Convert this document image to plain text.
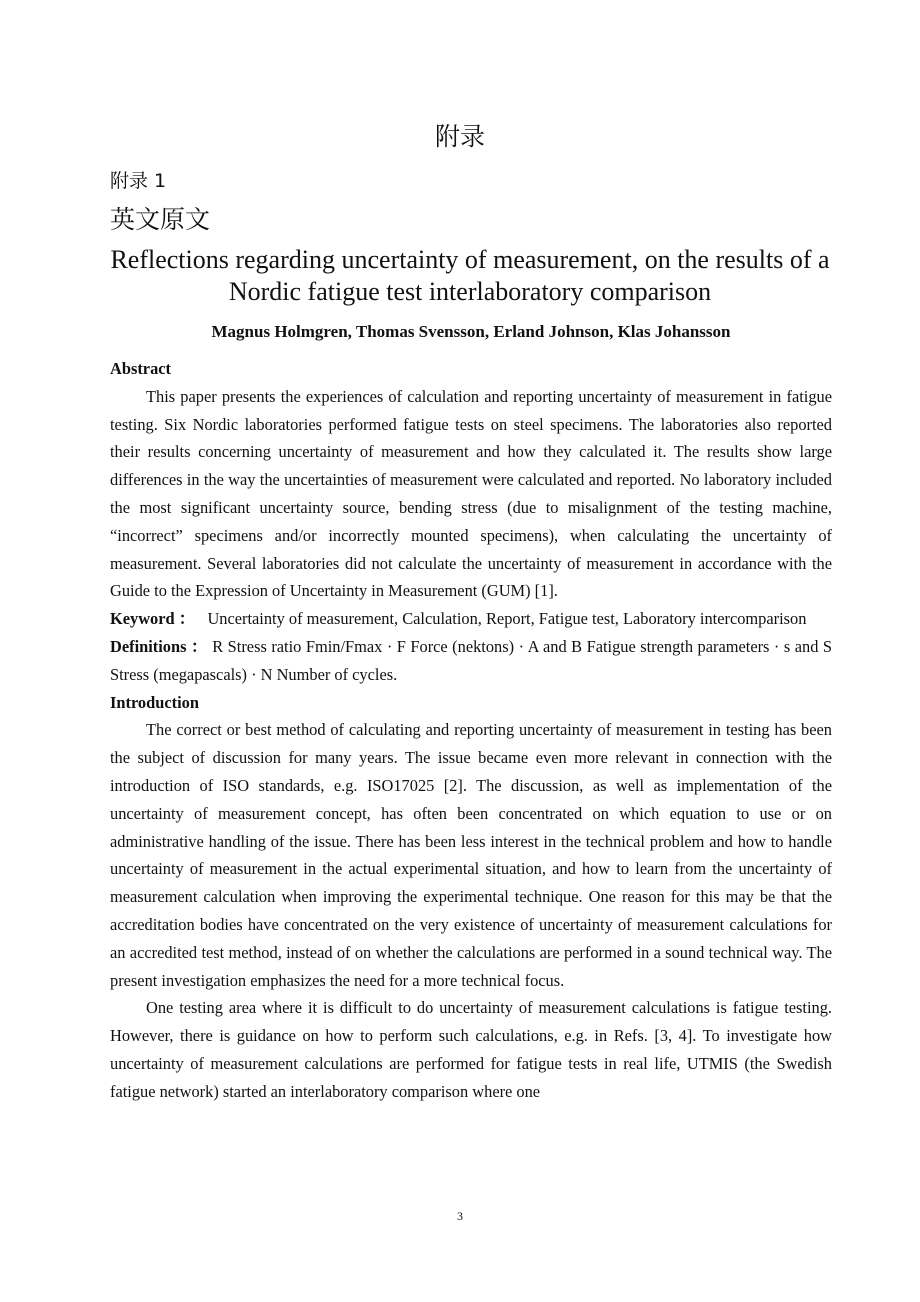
附录
附录 1
英文原文
Reflections regarding uncertainty of measurement, on the results of a Nordic fatigue test interlaboratory comparison
Magnus Holmgren, Thomas Svensson, Erland Johnson, Klas Johansson

Abstract

This paper presents the experiences of calculation and reporting uncertainty of measurement in fatigue testing. Six Nordic laboratories performed fatigue tests on steel specimens. The laboratories also reported their results concerning uncertainty of measurement and how they calculated it. The results show large differences in the way the uncertainties of measurement were calculated and reported. No laboratory included the most significant uncertainty source, bending stress (due to misalignment of the testing machine, “incorrect” specimens and/or incorrectly mounted specimens), when calculating the uncertainty of measurement. Several laboratories did not calculate the uncertainty of measurement in accordance with the Guide to the Expression of Uncertainty in Measurement (GUM) [1].

Keyword ： Uncertainty of measurement, Calculation, Report, Fatigue test, Laboratory intercomparison

Definitions ： R Stress ratio Fmin/Fmax · F Force (nektons) · A and B Fatigue strength parameters · s and S Stress (megapascals) · N Number of cycles.

Introduction

The correct or best method of calculating and reporting uncertainty of measurement in testing has been the subject of discussion for many years. The issue became even more relevant in connection with the introduction of ISO standards, e.g. ISO17025 [2]. The discussion, as well as implementation of the uncertainty of measurement concept, has often been concentrated on which equation to use or on administrative handling of the issue. There has been less interest in the technical problem and how to handle uncertainty of measurement in the actual experimental situation, and how to learn from the uncertainty of measurement calculation when improving the experimental technique. One reason for this may be that the accreditation bodies have concentrated on the very existence of uncertainty of measurement calculations for an accredited test method, instead of on whether the calculations are performed in a sound technical way. The present investigation emphasizes the need for a more technical focus.

One testing area where it is difficult to do uncertainty of measurement calculations is fatigue testing. However, there is guidance on how to perform such calculations, e.g. in Refs. [3, 4]. To investigate how uncertainty of measurement calculations are performed for fatigue tests in real life, UTMIS (the Swedish fatigue network) started an interlaboratory comparison where one

3
